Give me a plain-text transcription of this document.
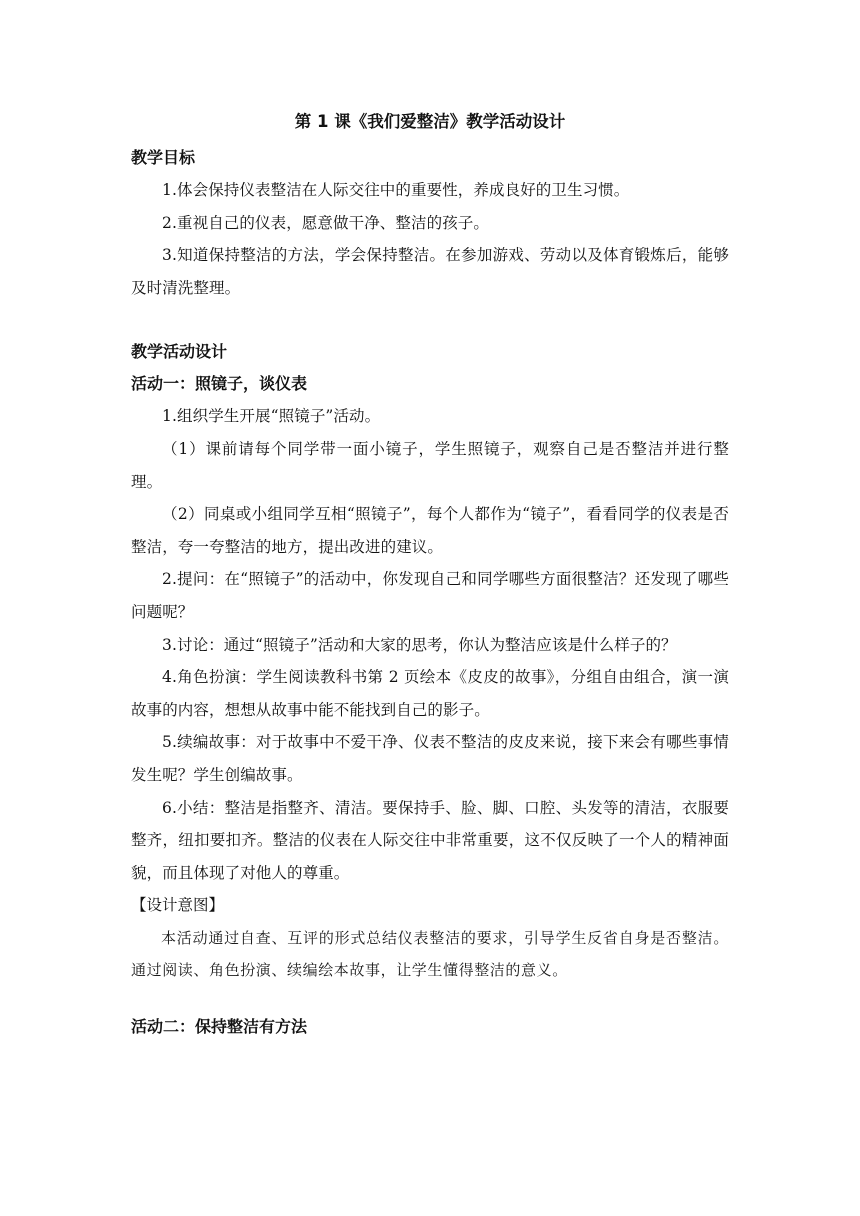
第 1 课《我们爱整洁》教学活动设计
教学目标

1.体会保持仪表整洁在人际交往中的重要性，养成良好的卫生习惯。

2.重视自己的仪表，愿意做干净、整洁的孩子。

3.知道保持整洁的方法，学会保持整洁。在参加游戏、劳动以及体育锻炼后，能够及时清洗整理。

教学活动设计
活动一：照镜子，谈仪表

1.组织学生开展“照镜子”活动。

（1）课前请每个同学带一面小镜子，学生照镜子，观察自己是否整洁并进行整理。

（2）同桌或小组同学互相“照镜子”，每个人都作为“镜子”，看看同学的仪表是否整洁，夸一夸整洁的地方，提出改进的建议。

2.提问：在“照镜子”的活动中，你发现自己和同学哪些方面很整洁？还发现了哪些问题呢？

3.讨论：通过“照镜子”活动和大家的思考，你认为整洁应该是什么样子的？

4.角色扮演：学生阅读教科书第 2 页绘本《皮皮的故事》，分组自由组合，演一演故事的内容，想想从故事中能不能找到自己的影子。

5.续编故事：对于故事中不爱干净、仪表不整洁的皮皮来说，接下来会有哪些事情发生呢？学生创编故事。

6.小结：整洁是指整齐、清洁。要保持手、脸、脚、口腔、头发等的清洁，衣服要整齐，纽扣要扣齐。整洁的仪表在人际交往中非常重要，这不仅反映了一个人的精神面貌，而且体现了对他人的尊重。

【设计意图】

本活动通过自查、互评的形式总结仪表整洁的要求，引导学生反省自身是否整洁。通过阅读、角色扮演、续编绘本故事，让学生懂得整洁的意义。

活动二：保持整洁有方法
